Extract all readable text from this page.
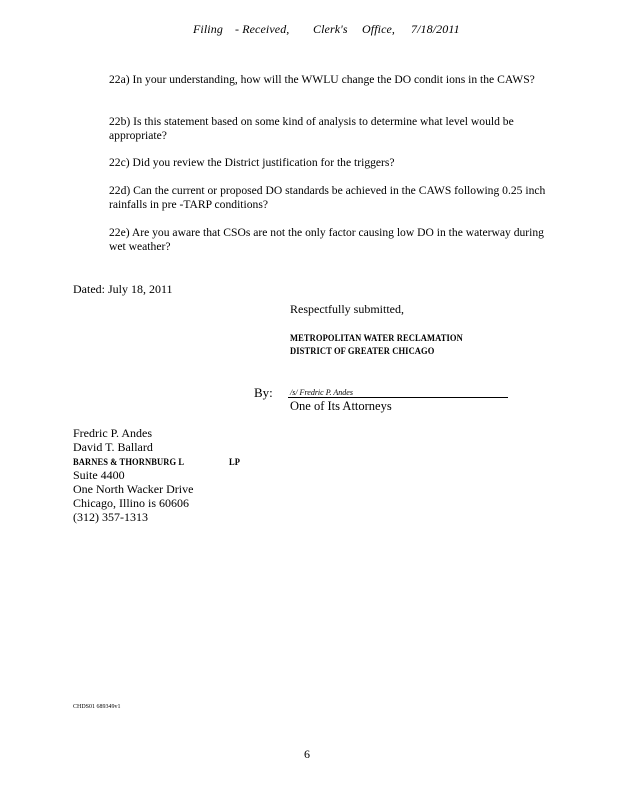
Filing - Received, Clerk's Office, 7/18/2011
22a) In your understanding, how will the WWLU change the DO condit ions in the CAWS?
22b) Is this statement based on some kind of analysis to determine what level would be appropriate?
22c) Did you review the District justification for the triggers?
22d) Can the current or proposed DO standards be achieved in the CAWS following 0.25 inch rainfalls in pre -TARP conditions?
22e) Are you aware that CSOs are not the only factor causing low DO in the waterway during wet weather?
Dated: July 18, 2011
Respectfully submitted,
METROPOLITAN WATER RECLAMATION
DISTRICT OF GREATER CHICAGO
By: /s/ Fredric P. Andes
One of Its Attorneys
Fredric P. Andes
David T. Ballard
BARNES & THORNBURG L	LP
Suite 4400
One North Wacker Drive
Chicago, Illino is 60606
(312) 357-1313
CHDS01 689349v1
6
